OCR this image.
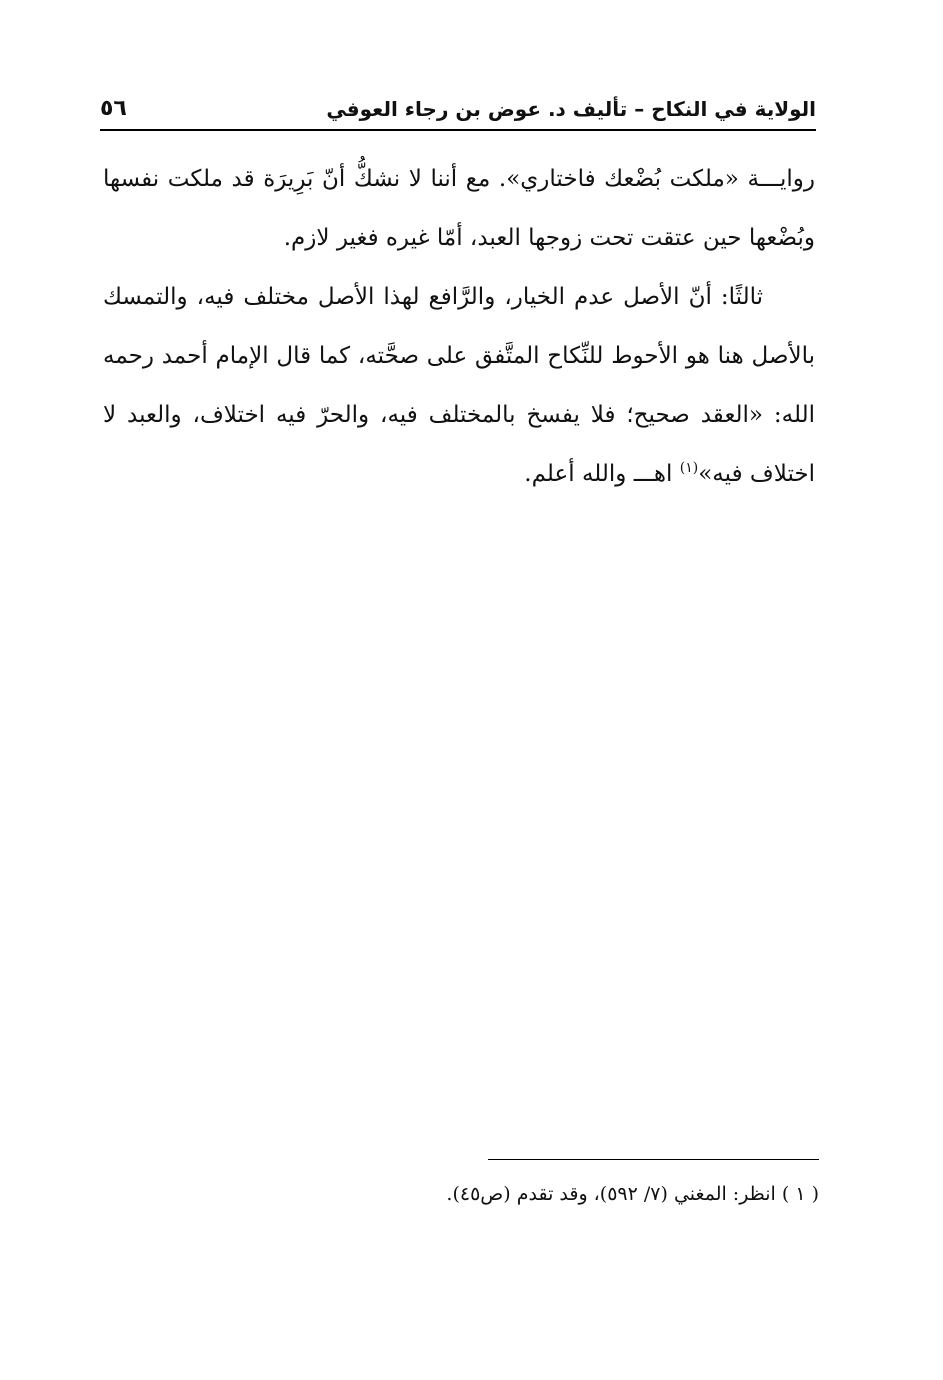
الولاية في النكاح – تأليف د. عوض بن رجاء العوفي
٥٦

روايـــة «ملكت بُضْعك فاختاري». مع أننا لا نشكُّ أنّ بَرِيرَة قد ملكت نفسها وبُضْعها حين عتقت تحت زوجها العبد، أمّا غيره فغير لازم.

ثالثًا: أنّ الأصل عدم الخيار، والرَّافع لهذا الأصل مختلف فيه، والتمسك بالأصل هنا هو الأحوط للنِّكاح المتَّفق على صحَّته، كما قال الإمام أحمد رحمه الله: «العقد صحيح؛ فلا يفسخ بالمختلف فيه، والحرّ فيه اختلاف، والعبد لا اختلاف فيه»$^{(١)}$ اهـــ والله أعلم.

( ١ ) انظر: المغني (٧/ ٥٩٢)، وقد تقدم (ص٤٥).
